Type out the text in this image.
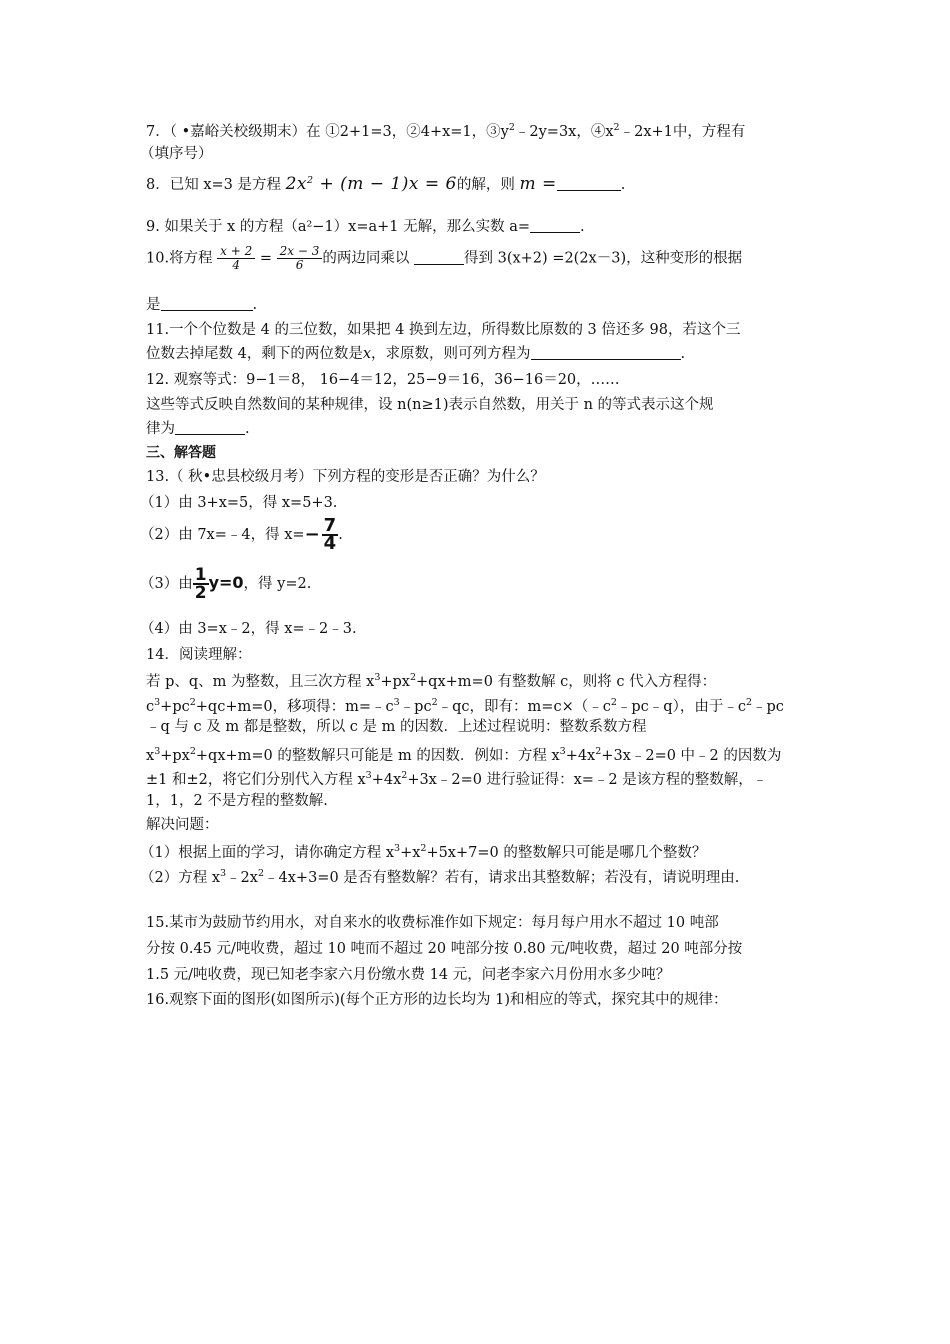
7．（ •嘉峪关校级期末）在 ①2+1=3，②4+x=1，$③y^2﹣2y=3x$，$④x^2﹣2x+1$中，方程有
（填序号）
8．已知 x=3 是方程 $2x^2 + (m - 1)x = 6$的解，则 m =	.
9. 如果关于 x 的方程（a²−1）x=a+1 无解，那么实数 a=	.
10.将方程 $\frac{x + 2}{4} = \frac{2x - 3}{6}$ 的两边同乘以	得到 3(x+2) =2(2x－3)，这种变形的根据
是	.
11.一个个位数是 4 的三位数，如果把 4 换到左边，所得数比原数的 3 倍还多 98，若这个三
位数去掉尾数 4，剩下的两位数是x，求原数，则可列方程为	.
12. 观察等式：9−1＝8， 16−4＝12，25−9＝16，36−16＝20，……
这些等式反映自然数间的某种规律，设 n(n≥1)表示自然数，用关于 n 的等式表示这个规
律为	.
三、解答题
13.（ 秋•忠县校级月考）下列方程的变形是否正确？为什么？
（1）由 3+x=5，得 x=5+3.
（2）由 7x=﹣4，得 $x=- \frac{7}{4}$ .
（3）由 $\frac{1}{2} y=0$，得 y=2.
（4）由 3=x﹣2，得 x=﹣2﹣3.
14．阅读理解：
若 p、q、m 为整数，且三次方程 $x^3+px^2+qx+m=0$ 有整数解 c，则将 c 代入方程得：
$c^3+pc^2+qc+m=0$，移项得：$m=﹣c^3﹣pc^2﹣qc$，即有：$m=c\times(﹣c^2﹣pc﹣q)$，由于$﹣c^2﹣pc$
﹣q 与 c 及 m 都是整数，所以 c 是 m 的因数．上述过程说明：整数系数方程
$x^3+px^2+qx+m=0$ 的整数解只可能是 m 的因数．例如：方程 $x^3+4x^2+3x﹣2=0$ 中﹣2 的因数为
±1 和±2，将它们分别代入方程 $x^3+4x^2+3x﹣2=0$ 进行验证得：x=﹣2 是该方程的整数解，﹣
1，1，2 不是方程的整数解.
解决问题：
（1）根据上面的学习，请你确定方程 $x^3+x^2+5x+7=0$ 的整数解只可能是哪几个整数？
（2）方程 $x^3﹣2x^2﹣4x+3=0$ 是否有整数解？若有，请求出其整数解；若没有，请说明理由.
15.某市为鼓励节约用水，对自来水的收费标准作如下规定：每月每户用水不超过 10 吨部
分按 0.45 元/吨收费，超过 10 吨而不超过 20 吨部分按 0.80 元/吨收费，超过 20 吨部分按
1.5 元/吨收费，现已知老李家六月份缴水费 14 元，问老李家六月份用水多少吨？
16.观察下面的图形(如图所示)(每个正方形的边长均为 1)和相应的等式，探究其中的规律：
